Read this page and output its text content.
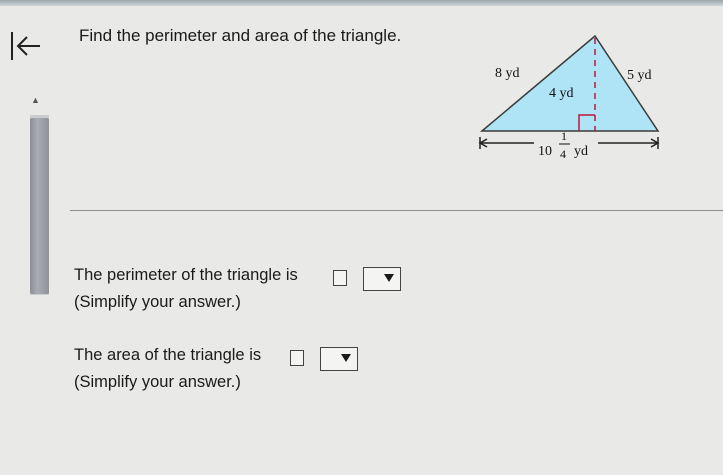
▲
Find the perimeter and area of the triangle.
8 yd	5 yd
4 yd
10
1
4 yd
The perimeter of the triangle is
(Simplify your answer.)
The area of the triangle is
(Simplify your answer.)
